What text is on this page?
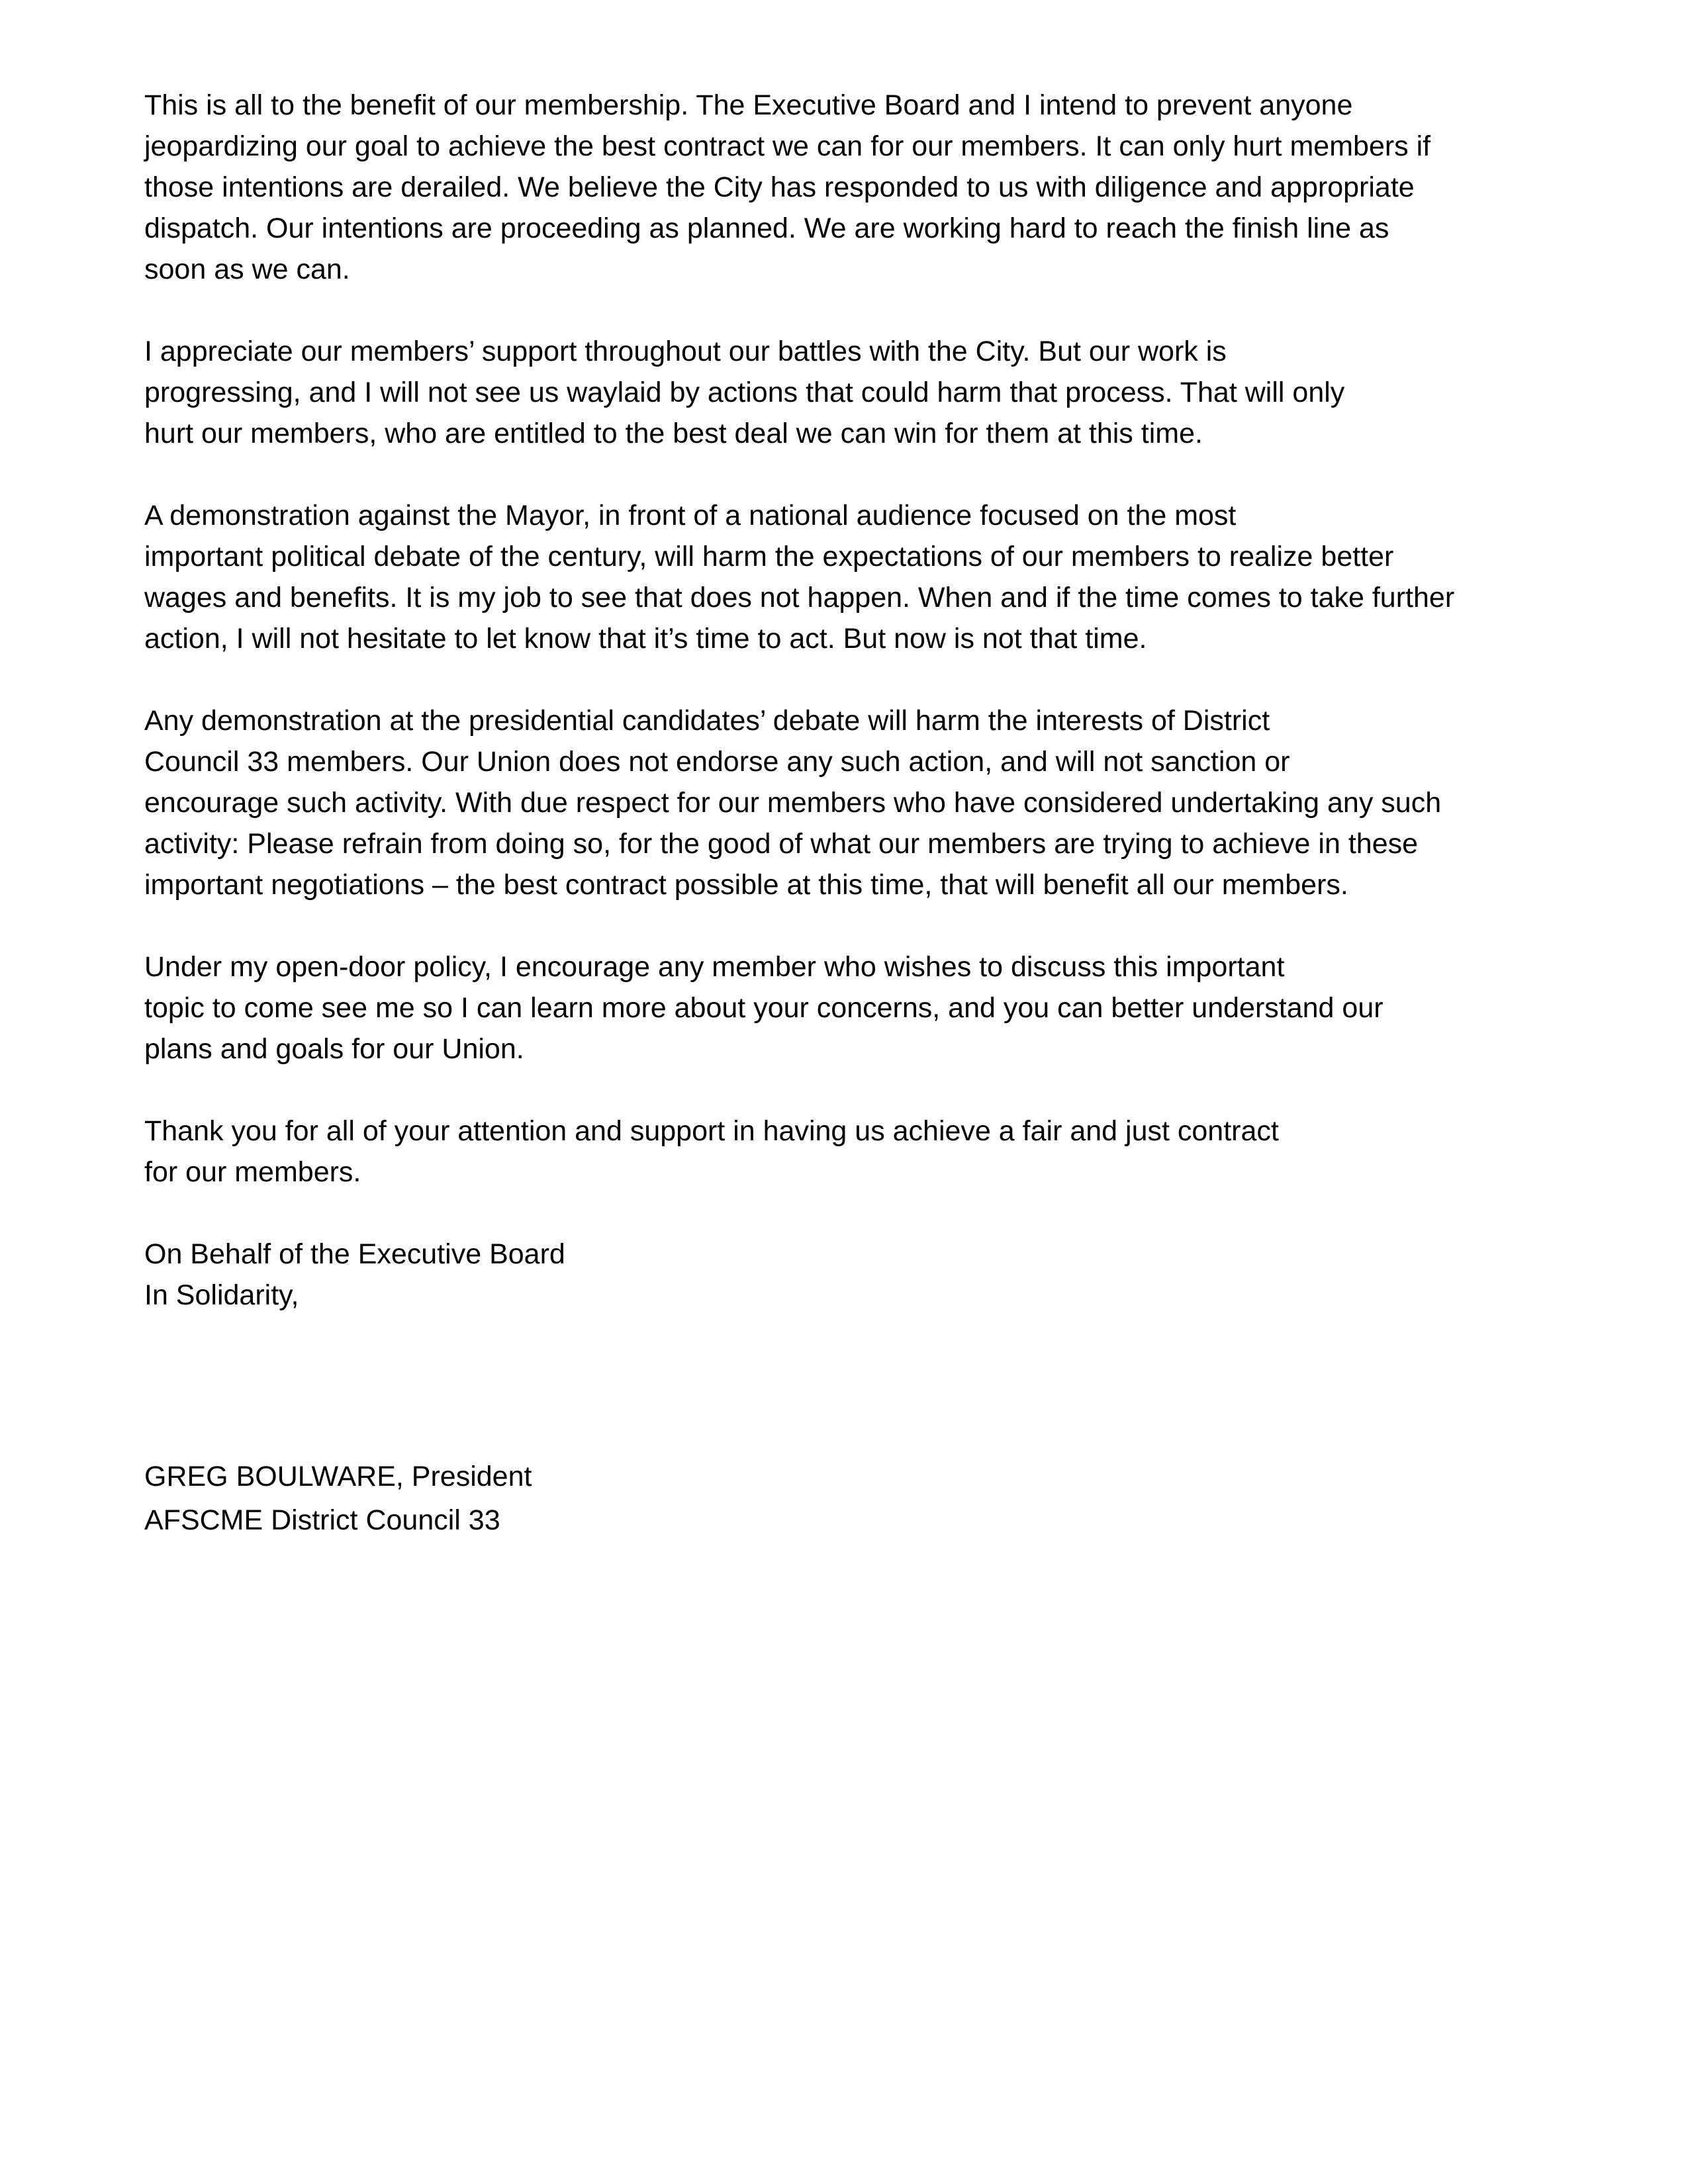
This is all to the benefit of our membership. The Executive Board and I intend to prevent anyone
jeopardizing our goal to achieve the best contract we can for our members. It can only hurt members if
those intentions are derailed. We believe the City has responded to us with diligence and appropriate
dispatch. Our intentions are proceeding as planned. We are working hard to reach the finish line as
soon as we can.
I appreciate our members’ support throughout our battles with the City. But our work is
progressing, and I will not see us waylaid by actions that could harm that process. That will only
hurt our members, who are entitled to the best deal we can win for them at this time.
A demonstration against the Mayor, in front of a national audience focused on the most
important political debate of the century, will harm the expectations of our members to realize better
wages and benefits. It is my job to see that does not happen. When and if the time comes to take further
action, I will not hesitate to let know that it’s time to act. But now is not that time.
Any demonstration at the presidential candidates’ debate will harm the interests of District
Council 33 members. Our Union does not endorse any such action, and will not sanction or
encourage such activity. With due respect for our members who have considered undertaking any such
activity: Please refrain from doing so, for the good of what our members are trying to achieve in these
important negotiations – the best contract possible at this time, that will benefit all our members.
Under my open-door policy, I encourage any member who wishes to discuss this important
topic to come see me so I can learn more about your concerns, and you can better understand our
plans and goals for our Union.
Thank you for all of your attention and support in having us achieve a fair and just contract
for our members.
On Behalf of the Executive Board
In Solidarity,
GREG BOULWARE, President
AFSCME District Council 33
